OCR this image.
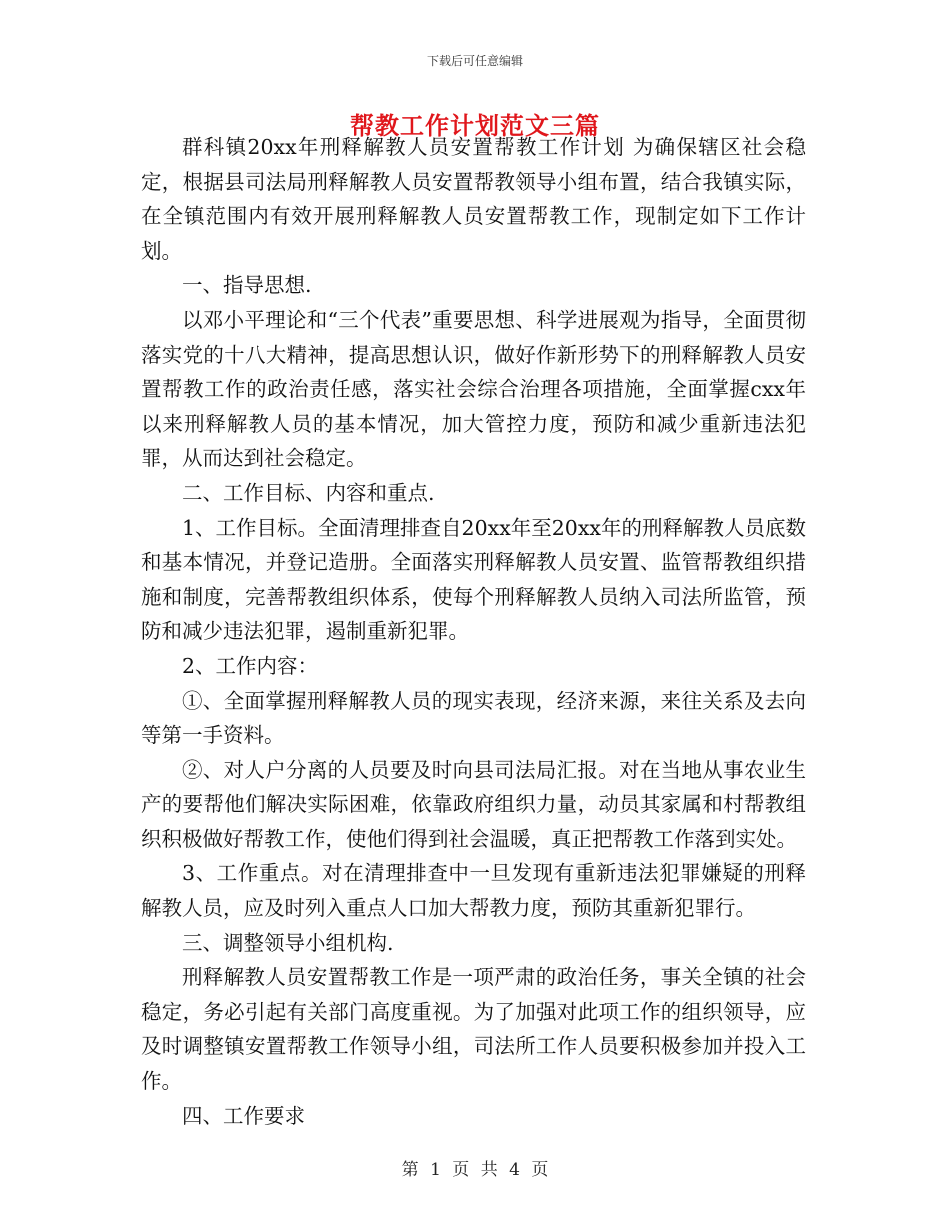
下载后可任意编辑
帮教工作计划范文三篇

群科镇20xx年刑释解教人员安置帮教工作计划 为确保辖区社会稳定，根据县司法局刑释解教人员安置帮教领导小组布置，结合我镇实际，在全镇范围内有效开展刑释解教人员安置帮教工作，现制定如下工作计划。

一、指导思想.

以邓小平理论和“三个代表”重要思想、科学进展观为指导，全面贯彻落实党的十八大精神，提高思想认识，做好作新形势下的刑释解教人员安置帮教工作的政治责任感，落实社会综合治理各项措施，全面掌握cxx年以来刑释解教人员的基本情况，加大管控力度，预防和减少重新违法犯罪，从而达到社会稳定。

二、工作目标、内容和重点.

1、工作目标。全面清理排查自20xx年至20xx年的刑释解教人员底数和基本情况，并登记造册。全面落实刑释解教人员安置、监管帮教组织措施和制度，完善帮教组织体系，使每个刑释解教人员纳入司法所监管，预防和减少违法犯罪，遏制重新犯罪。

2、工作内容：

①、全面掌握刑释解教人员的现实表现，经济来源，来往关系及去向等第一手资料。

②、对人户分离的人员要及时向县司法局汇报。对在当地从事农业生产的要帮他们解决实际困难，依靠政府组织力量，动员其家属和村帮教组织积极做好帮教工作，使他们得到社会温暖，真正把帮教工作落到实处。

3、工作重点。对在清理排查中一旦发现有重新违法犯罪嫌疑的刑释解教人员，应及时列入重点人口加大帮教力度，预防其重新犯罪行。

三、调整领导小组机构.

刑释解教人员安置帮教工作是一项严肃的政治任务，事关全镇的社会稳定，务必引起有关部门高度重视。为了加强对此项工作的组织领导，应及时调整镇安置帮教工作领导小组，司法所工作人员要积极参加并投入工作。

四、工作要求

第 1 页 共 4 页
